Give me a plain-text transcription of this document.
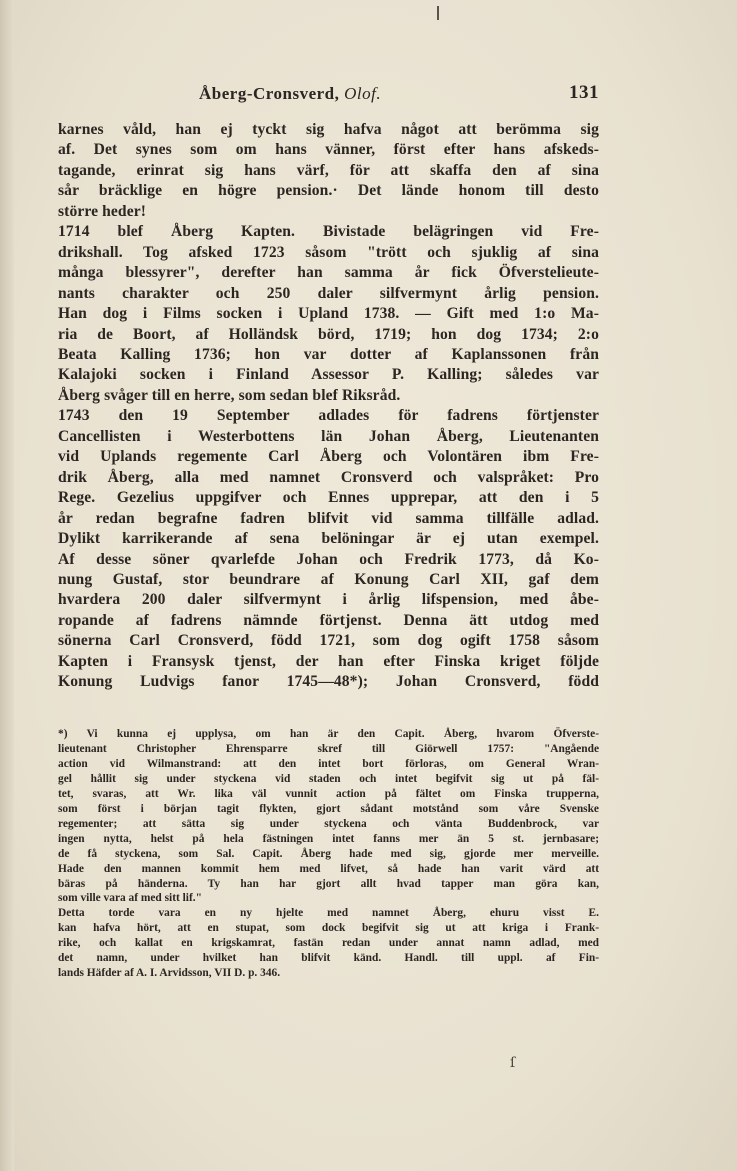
Åberg-Cronsverd, Olof.	131
karnes våld, han ej tyckt sig hafva något att berömma sig
af. Det synes som om hans vänner, först efter hans afskeds-
tagande, erinrat sig hans värf, för att skaffa den af sina
sår bräcklige en högre pension.· Det lände honom till desto
större heder!
1714 blef Åberg Kapten. Bivistade belägringen vid Fre-
drikshall. Tog afsked 1723 såsom "trött och sjuklig af sina
många blessyrer", derefter han samma år fick Öfverstelieute-
nants charakter och 250 daler silfvermynt årlig pension.
Han dog i Films socken i Upland 1738. — Gift med 1:o Ma-
ria de Boort, af Holländsk börd, 1719; hon dog 1734; 2:o
Beata Kalling 1736; hon var dotter af Kaplanssonen från
Kalajoki socken i Finland Assessor P. Kalling; således var
Åberg svåger till en herre, som sedan blef Riksråd.
1743 den 19 September adlades för fadrens förtjenster
Cancellisten i Westerbottens län Johan Åberg, Lieutenanten
vid Uplands regemente Carl Åberg och Volontären ibm Fre-
drik Åberg, alla med namnet Cronsverd och valspråket: Pro
Rege. Gezelius uppgifver och Ennes upprepar, att den i 5
år redan begrafne fadren blifvit vid samma tillfälle adlad.
Dylikt karrikerande af sena belöningar är ej utan exempel.
Af desse söner qvarlefde Johan och Fredrik 1773, då Ko-
nung Gustaf, stor beundrare af Konung Carl XII, gaf dem
hvardera 200 daler silfvermynt i årlig lifspension, med åbe-
ropande af fadrens nämnde förtjenst. Denna ätt utdog med
sönerna Carl Cronsverd, född 1721, som dog ogift 1758 såsom
Kapten i Fransysk tjenst, der han efter Finska kriget följde
Konung Ludvigs fanor 1745—48*); Johan Cronsverd, född
*) Vi kunna ej upplysa, om han är den Capit. Åberg, hvarom Öfverste-
lieutenant Christopher Ehrensparre skref till Giörwell 1757: "Angående
action vid Wilmanstrand: att den intet bort förloras, om General Wran-
gel hållit sig under styckena vid staden och intet begifvit sig ut på fäl-
tet, svaras, att Wr. lika väl vunnit action på fältet om Finska trupperna,
som först i början tagit flykten, gjort sådant motstånd som våre Svenske
regementer; att sätta sig under styckena och vänta Buddenbrock, var
ingen nytta, helst på hela fästningen intet fanns mer än 5 st. jernbasare;
de få styckena, som Sal. Capit. Åberg hade med sig, gjorde mer merveille.
Hade den mannen kommit hem med lifvet, så hade han varit värd att
bäras på händerna. Ty han har gjort allt hvad tapper man göra kan,
som ville vara af med sitt lif."
Detta torde vara en ny hjelte med namnet Åberg, ehuru visst E.
kan hafva hört, att en stupat, som dock begifvit sig ut att kriga i Frank-
rike, och kallat en krigskamrat, fastän redan under annat namn adlad, med
det namn, under hvilket han blifvit känd. Handl. till uppl. af Fin-
lands Häfder af A. I. Arvidsson, VII D. p. 346.
ſ
